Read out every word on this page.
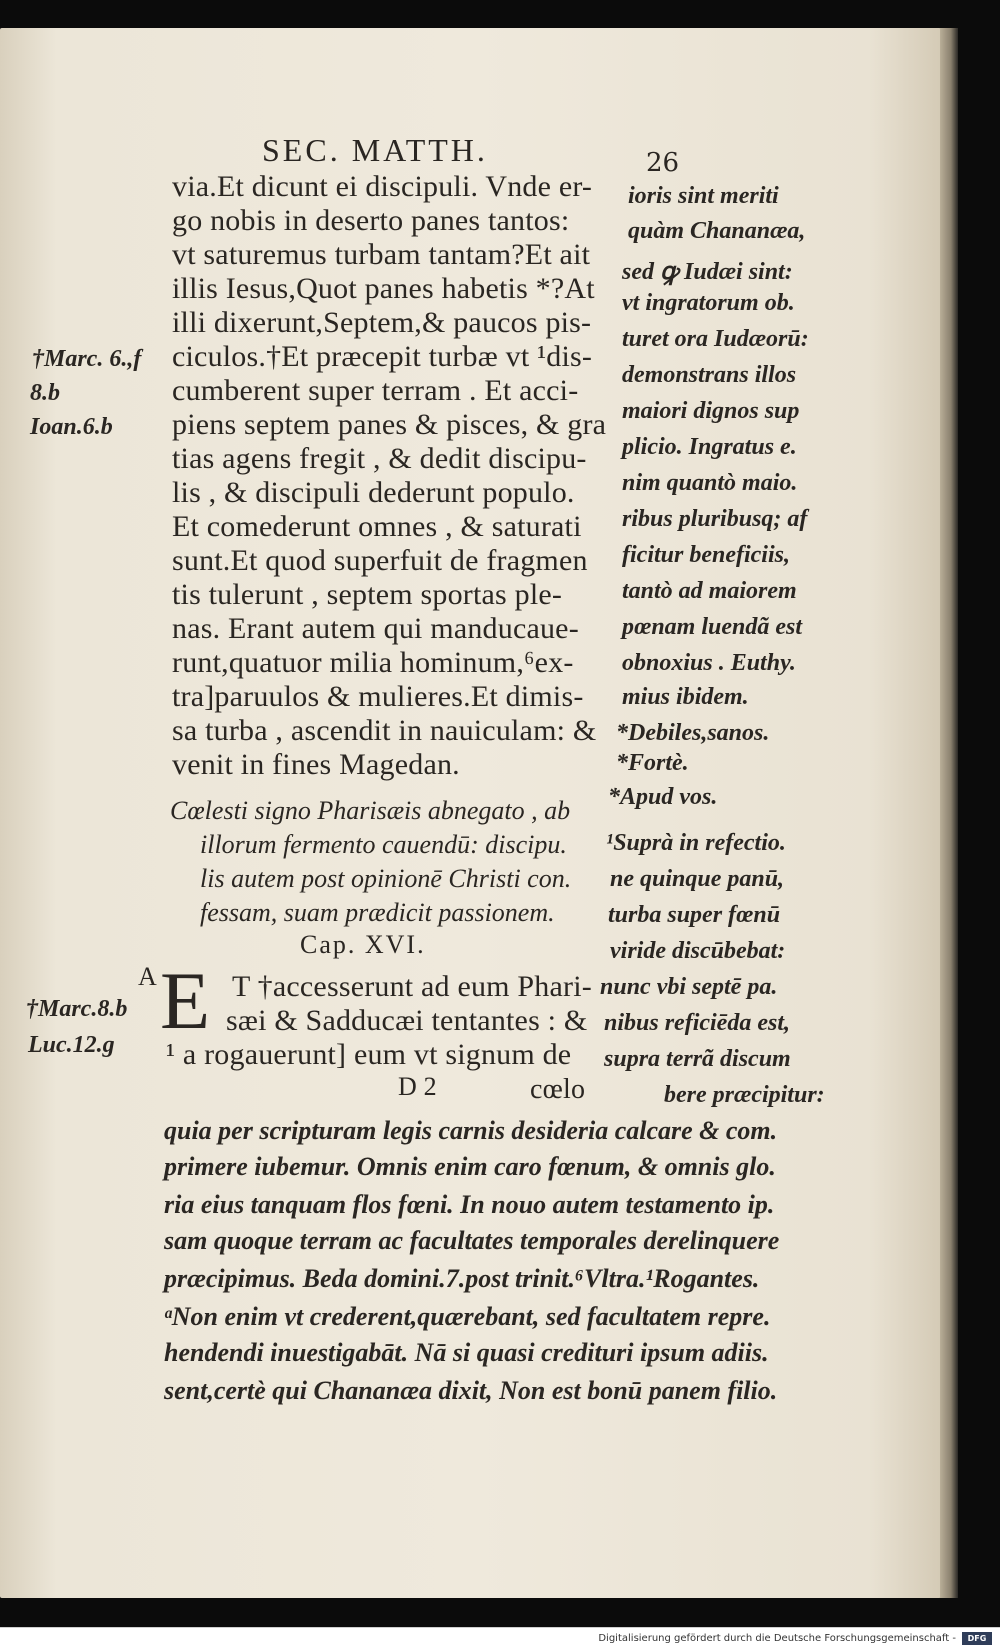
SEC. MATTH.	26
via.Et dicunt ei discipuli. Vnde er-
go nobis in deserto panes tantos:
vt saturemus turbam tantam?Et ait
illis Iesus,Quot panes habetis *?At
illi dixerunt,Septem,& paucos pis-
ciculos.†Et præcepit turbæ vt ¹dis-
cumberent super terram . Et acci-
piens septem panes & pisces, & gra
tias agens fregit , & dedit discipu-
lis , & discipuli dederunt populo.
Et comederunt omnes , & saturati
sunt.Et quod superfuit de fragmen
tis tulerunt , septem sportas ple-
nas. Erant autem qui manducaue-
runt,quatuor milia hominum,⁶ex-
tra]paruulos & mulieres.Et dimis-
sa turba , ascendit in nauiculam: &
venit in fines Magedan.
ioris sint meriti
quàm Chananæa,
sed ꝙ Iudæi sint:
vt ingratorum ob.
turet ora Iudæorū:
demonstrans illos
maiori dignos sup
plicio. Ingratus e.
nim quantò maio.
ribus pluribusq; af
ficitur beneficiis,
tantò ad maiorem
pœnam luendã est
obnoxius . Euthy.
mius ibidem.
*Debiles,sanos.
*Fortè.
*Apud vos.
†Marc. 6.,f
8.b
Ioan.6.b
†Marc.8.b
Luc.12.g
Cœlesti signo Pharisæis abnegato , ab
illorum fermento cauendū: discipu.
lis autem post opinionē Christi con.
fessam, suam prædicit passionem.
¹Suprà in refectio.
ne quinque panū,
turba super fœnū
viride discūbebat:
nunc vbi septē pa.
nibus reficiēda est,
supra terrã discum
bere præcipitur:
Cap. XVI.
A E T †accesserunt ad eum Phari-
sæi & Sadducæi tentantes : &
¹ a rogauerunt] eum vt signum de
D 2	cœlo
quia per scripturam legis carnis desideria calcare & com.
primere iubemur. Omnis enim caro fœnum, & omnis glo.
ria eius tanquam flos fœni. In nouo autem testamento ip.
sam quoque terram ac facultates temporales derelinquere
præcipimus. Beda domini.7.post trinit.⁶Vltra.¹Rogantes.
ᵃNon enim vt crederent,quærebant, sed facultatem repre.
hendendi inuestigabāt. Nā si quasi credituri ipsum adiis.
sent,certè qui Chananæa dixit, Non est bonū panem filio.
Digitalisierung gefördert durch die Deutsche Forschungsgemeinschaft -	DFG
